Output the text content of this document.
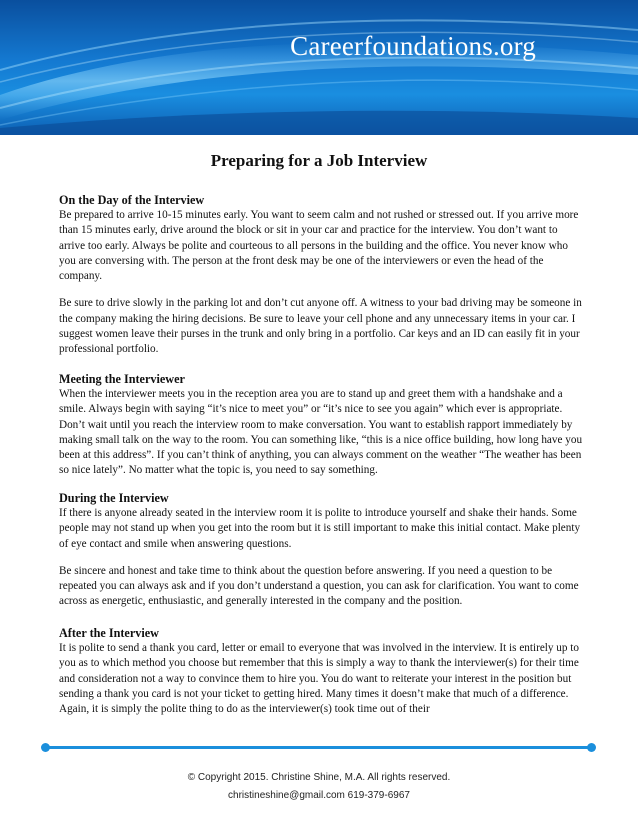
Careerfoundations.org
Preparing for a Job Interview
On the Day of the Interview

Be prepared to arrive 10-15 minutes early. You want to seem calm and not rushed or stressed out. If you arrive more than 15 minutes early, drive around the block or sit in your car and practice for the interview. You don’t want to arrive too early. Always be polite and courteous to all persons in the building and the office. You never know who you are conversing with. The person at the front desk may be one of the interviewers or even the head of the company.

Be sure to drive slowly in the parking lot and don’t cut anyone off. A witness to your bad driving may be someone in the company making the hiring decisions. Be sure to leave your cell phone and any unnecessary items in your car. I suggest women leave their purses in the trunk and only bring in a portfolio. Car keys and an ID can easily fit in your professional portfolio.

Meeting the Interviewer

When the interviewer meets you in the reception area you are to stand up and greet them with a handshake and a smile. Always begin with saying “it’s nice to meet you” or “it’s nice to see you again” which ever is appropriate. Don’t wait until you reach the interview room to make conversation. You want to establish rapport immediately by making small talk on the way to the room. You can something like, “this is a nice office building, how long have you been at this address”. If you can’t think of anything, you can always comment on the weather “The weather has been so nice lately”. No matter what the topic is, you need to say something.

During the Interview

If there is anyone already seated in the interview room it is polite to introduce yourself and shake their hands. Some people may not stand up when you get into the room but it is still important to make this initial contact. Make plenty of eye contact and smile when answering questions.

Be sincere and honest and take time to think about the question before answering. If you need a question to be repeated you can always ask and if you don’t understand a question, you can ask for clarification. You want to come across as energetic, enthusiastic, and generally interested in the company and the position.

After the Interview

It is polite to send a thank you card, letter or email to everyone that was involved in the interview. It is entirely up to you as to which method you choose but remember that this is simply a way to thank the interviewer(s) for their time and consideration not a way to convince them to hire you. You do want to reiterate your interest in the position but sending a thank you card is not your ticket to getting hired. Many times it doesn’t make that much of a difference. Again, it is simply the polite thing to do as the interviewer(s) took time out of their

© Copyright 2015. Christine Shine, M.A. All rights reserved.
christineshine@gmail.com 619-379-6967
